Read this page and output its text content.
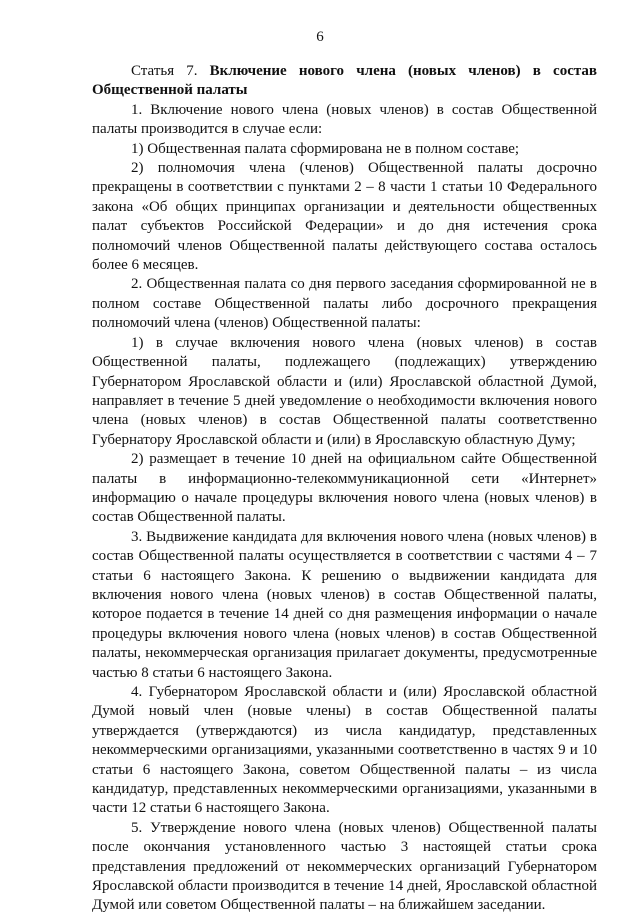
6

Статья 7. Включение нового члена (новых членов) в состав Общественной палаты

1. Включение нового члена (новых членов) в состав Общественной палаты производится в случае если:

1) Общественная палата сформирована не в полном составе;

2) полномочия члена (членов) Общественной палаты досрочно прекращены в соответствии с пунктами 2 – 8 части 1 статьи 10 Федерального закона «Об общих принципах организации и деятельности общественных палат субъектов Российской Федерации» и до дня истечения срока полномочий членов Общественной палаты действующего состава осталось более 6 месяцев.

2. Общественная палата со дня первого заседания сформированной не в полном составе Общественной палаты либо досрочного прекращения полномочий члена (членов) Общественной палаты:

1) в случае включения нового члена (новых членов) в состав Общественной палаты, подлежащего (подлежащих) утверждению Губернатором Ярославской области и (или) Ярославской областной Думой, направляет в течение 5 дней уведомление о необходимости включения нового члена (новых членов) в состав Общественной палаты соответственно Губернатору Ярославской области и (или) в Ярославскую областную Думу;

2) размещает в течение 10 дней на официальном сайте Общественной палаты в информационно-телекоммуникационной сети «Интернет» информацию о начале процедуры включения нового члена (новых членов) в состав Общественной палаты.

3. Выдвижение кандидата для включения нового члена (новых членов) в состав Общественной палаты осуществляется в соответствии с частями 4 – 7 статьи 6 настоящего Закона. К решению о выдвижении кандидата для включения нового члена (новых членов) в состав Общественной палаты, которое подается в течение 14 дней со дня размещения информации о начале процедуры включения нового члена (новых членов) в состав Общественной палаты, некоммерческая организация прилагает документы, предусмотренные частью 8 статьи 6 настоящего Закона.

4. Губернатором Ярославской области и (или) Ярославской областной Думой новый член (новые члены) в состав Общественной палаты утверждается (утверждаются) из числа кандидатур, представленных некоммерческими организациями, указанными соответственно в частях 9 и 10 статьи 6 настоящего Закона, советом Общественной палаты – из числа кандидатур, представленных некоммерческими организациями, указанными в части 12 статьи 6 настоящего Закона.

5. Утверждение нового члена (новых членов) Общественной палаты после окончания установленного частью 3 настоящей статьи срока представления предложений от некоммерческих организаций Губернатором Ярославской области производится в течение 14 дней, Ярославской областной Думой или советом Общественной палаты – на ближайшем заседании.
